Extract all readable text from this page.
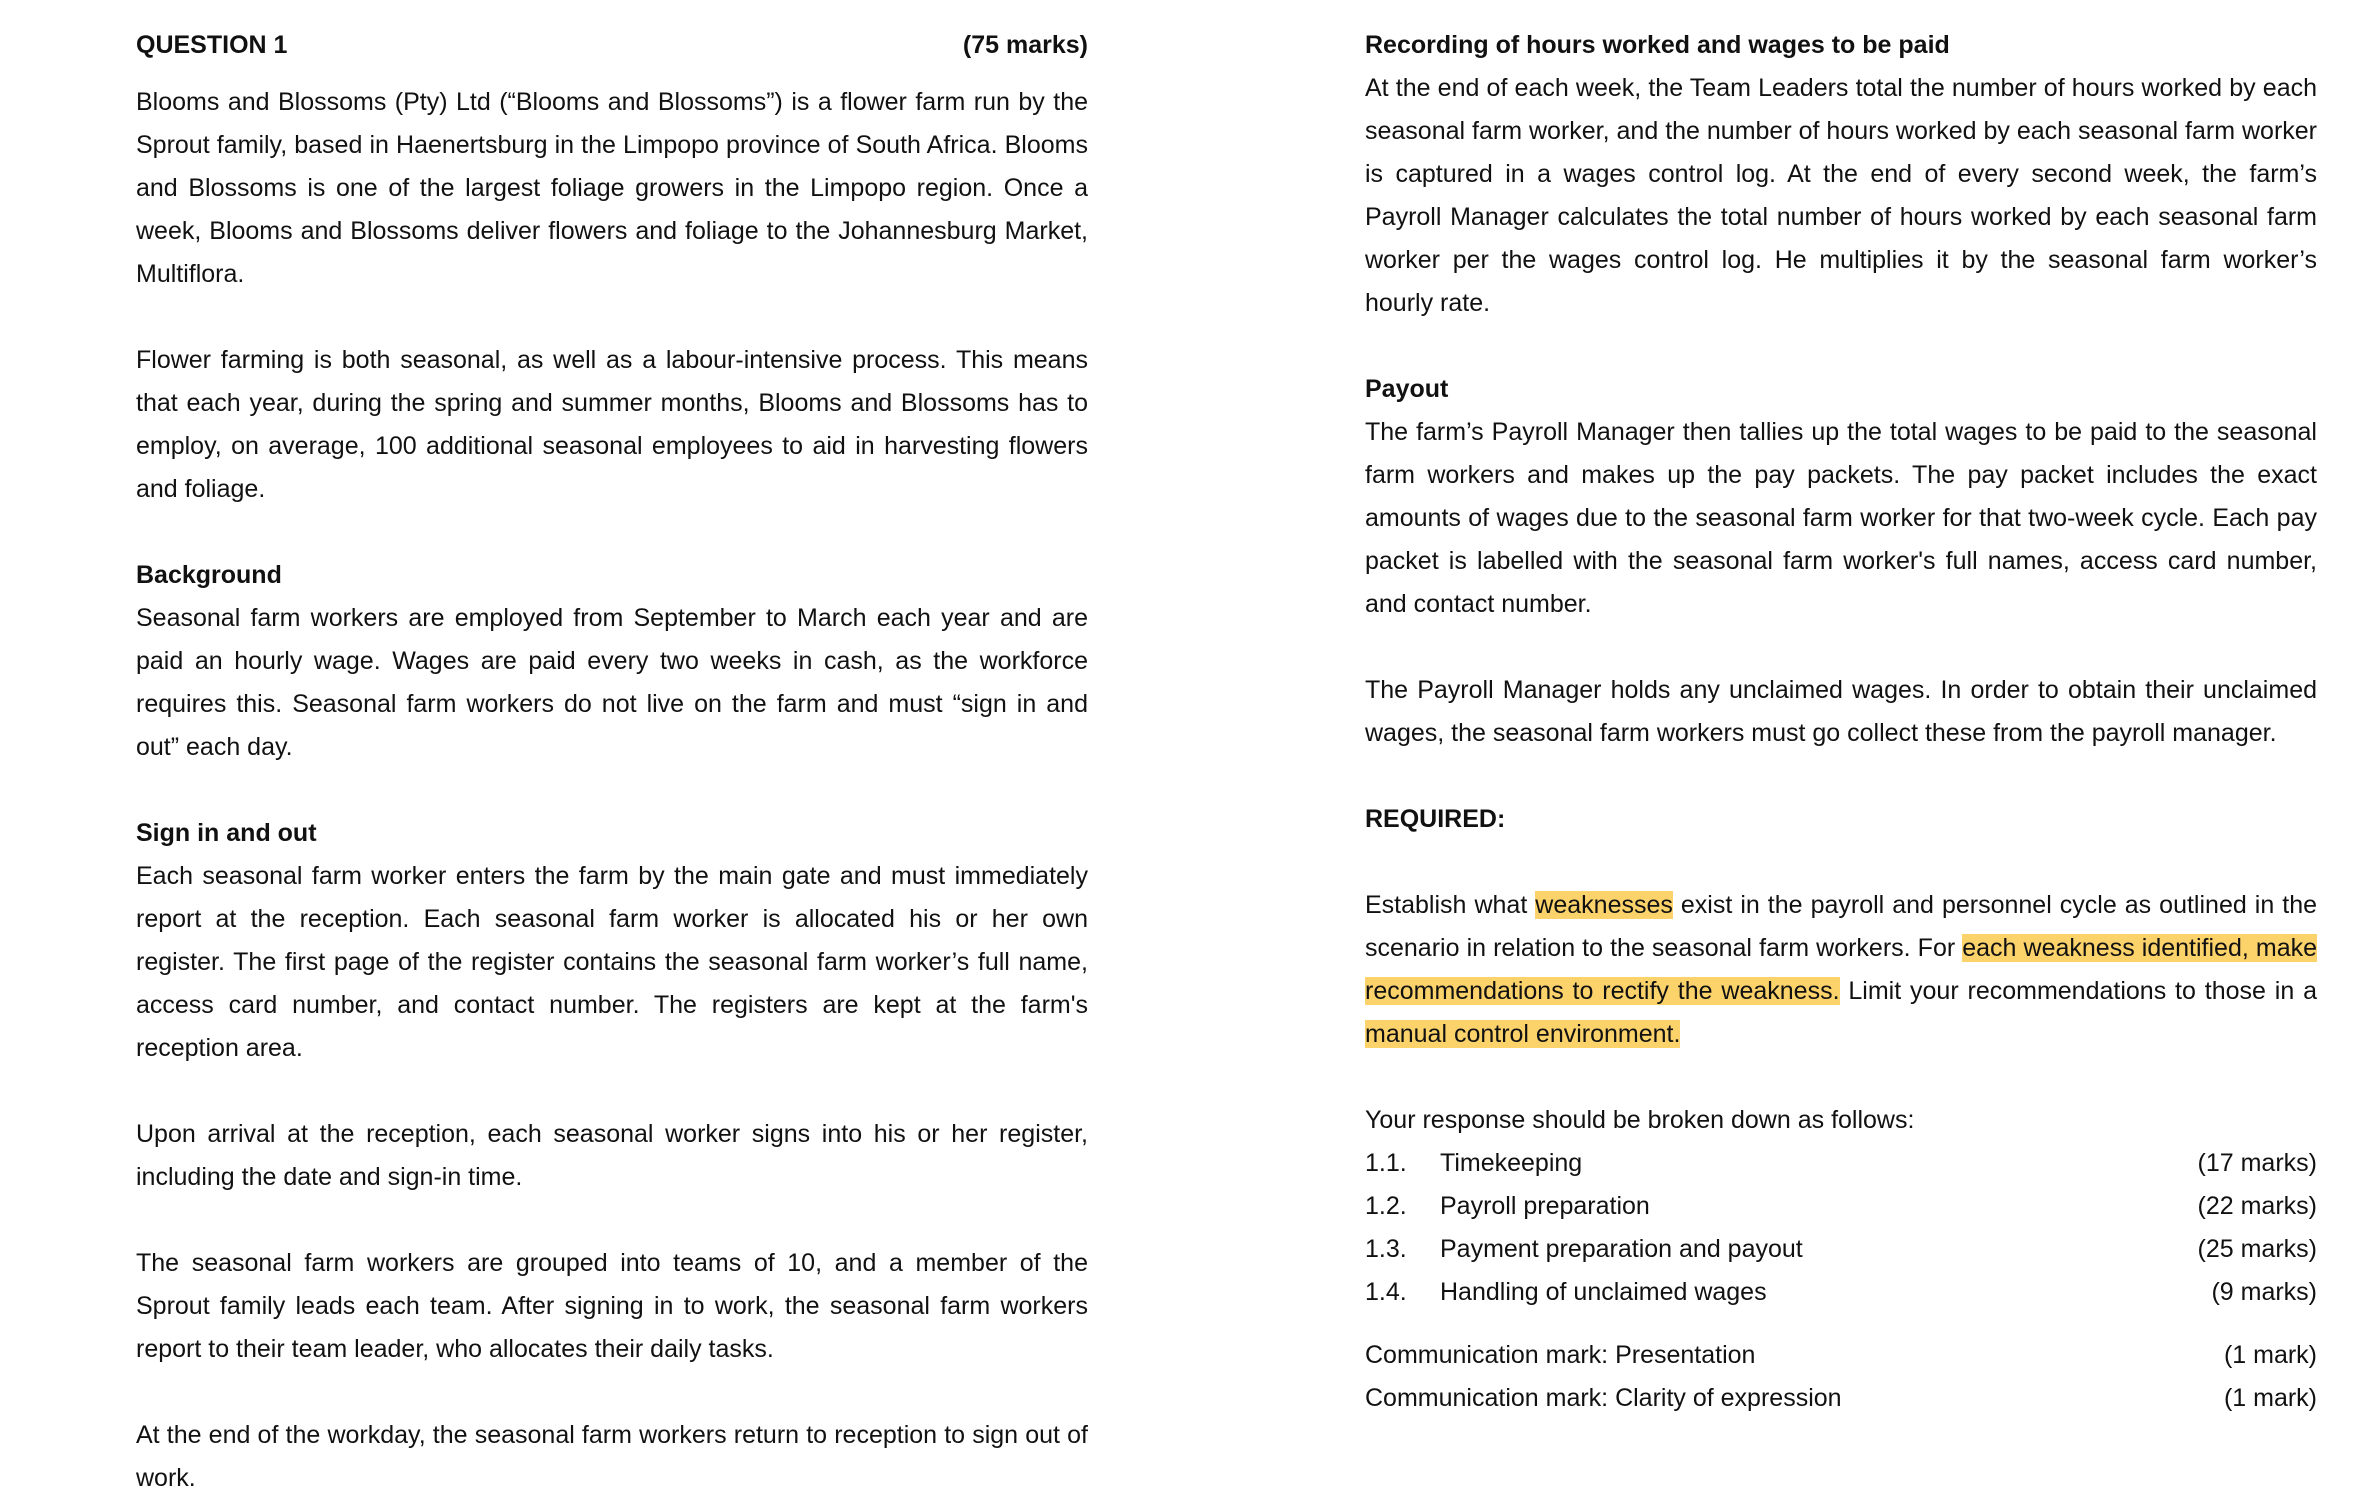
QUESTION 1	(75 marks)

Blooms and Blossoms (Pty) Ltd (“Blooms and Blossoms”) is a flower farm run by the Sprout family, based in Haenertsburg in the Limpopo province of South Africa. Blooms and Blossoms is one of the largest foliage growers in the Limpopo region. Once a week, Blooms and Blossoms deliver flowers and foliage to the Johannesburg Market, Multiflora.

Flower farming is both seasonal, as well as a labour-intensive process. This means that each year, during the spring and summer months, Blooms and Blossoms has to employ, on average, 100 additional seasonal employees to aid in harvesting flowers and foliage.

Background

Seasonal farm workers are employed from September to March each year and are paid an hourly wage. Wages are paid every two weeks in cash, as the workforce requires this. Seasonal farm workers do not live on the farm and must “sign in and out” each day.

Sign in and out

Each seasonal farm worker enters the farm by the main gate and must immediately report at the reception. Each seasonal farm worker is allocated his or her own register. The first page of the register contains the seasonal farm worker’s full name, access card number, and contact number. The registers are kept at the farm's reception area.

Upon arrival at the reception, each seasonal worker signs into his or her register, including the date and sign-in time.

The seasonal farm workers are grouped into teams of 10, and a member of the Sprout family leads each team. After signing in to work, the seasonal farm workers report to their team leader, who allocates their daily tasks.

At the end of the workday, the seasonal farm workers return to reception to sign out of work.

Recording of hours worked and wages to be paid

At the end of each week, the Team Leaders total the number of hours worked by each seasonal farm worker, and the number of hours worked by each seasonal farm worker is captured in a wages control log. At the end of every second week, the farm’s Payroll Manager calculates the total number of hours worked by each seasonal farm worker per the wages control log. He multiplies it by the seasonal farm worker’s hourly rate.

Payout

The farm’s Payroll Manager then tallies up the total wages to be paid to the seasonal farm workers and makes up the pay packets. The pay packet includes the exact amounts of wages due to the seasonal farm worker for that two-week cycle. Each pay packet is labelled with the seasonal farm worker's full names, access card number, and contact number.

The Payroll Manager holds any unclaimed wages. In order to obtain their unclaimed wages, the seasonal farm workers must go collect these from the payroll manager.

REQUIRED:

Establish what weaknesses exist in the payroll and personnel cycle as outlined in the scenario in relation to the seasonal farm workers. For each weakness identified, make recommendations to rectify the weakness. Limit your recommendations to those in a manual control environment.

Your response should be broken down as follows:
1.1.	Timekeeping	(17 marks)
1.2.	Payroll preparation	(22 marks)
1.3.	Payment preparation and payout	(25 marks)
1.4.	Handling of unclaimed wages	(9 marks)
Communication mark: Presentation	(1 mark)
Communication mark: Clarity of expression	(1 mark)
